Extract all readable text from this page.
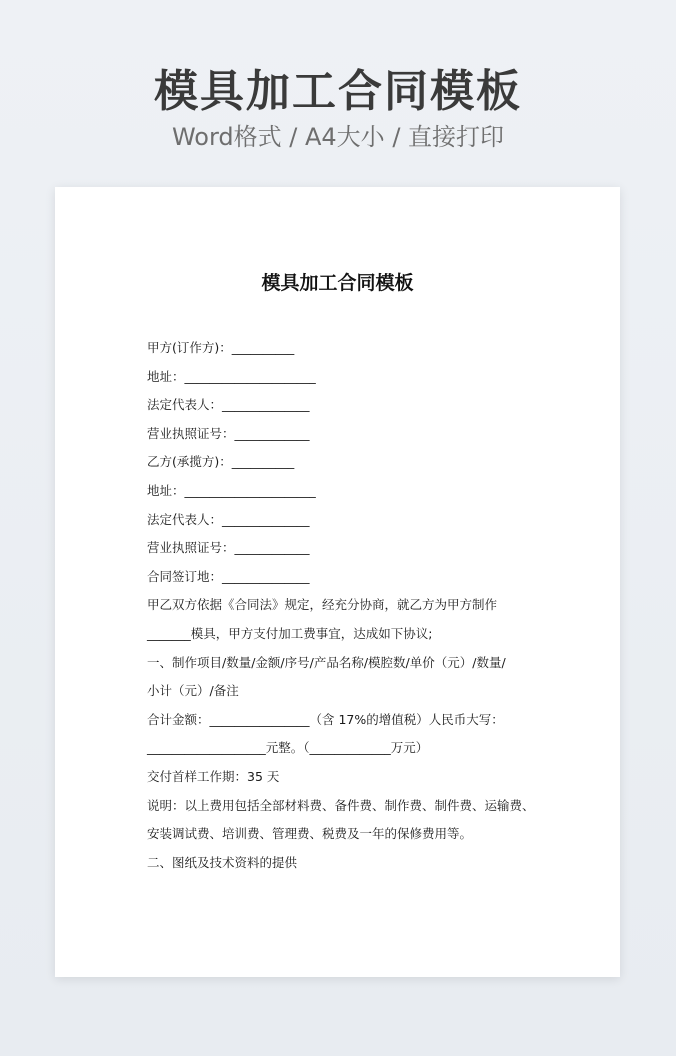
模具加工合同模板
Word格式 / A4大小 / 直接打印
模具加工合同模板
甲方(订作方)：__________
地址：_____________________
法定代表人：______________
营业执照证号：____________
乙方(承揽方)：__________
地址：_____________________
法定代表人：______________
营业执照证号：____________
合同签订地：______________
甲乙双方依据《合同法》规定，经充分协商，就乙方为甲方制作
_______模具，甲方支付加工费事宜，达成如下协议;
一、制作项目/数量/金额/序号/产品名称/模腔数/单价（元）/数量/
小计（元）/备注
合计金额：________________（含 17%的增值税）人民币大写：
___________________元整。（_____________万元）
交付首样工作期：35 天
说明：以上费用包括全部材料费、备件费、制作费、制件费、运输费、
安装调试费、培训费、管理费、税费及一年的保修费用等。
二、图纸及技术资料的提供
